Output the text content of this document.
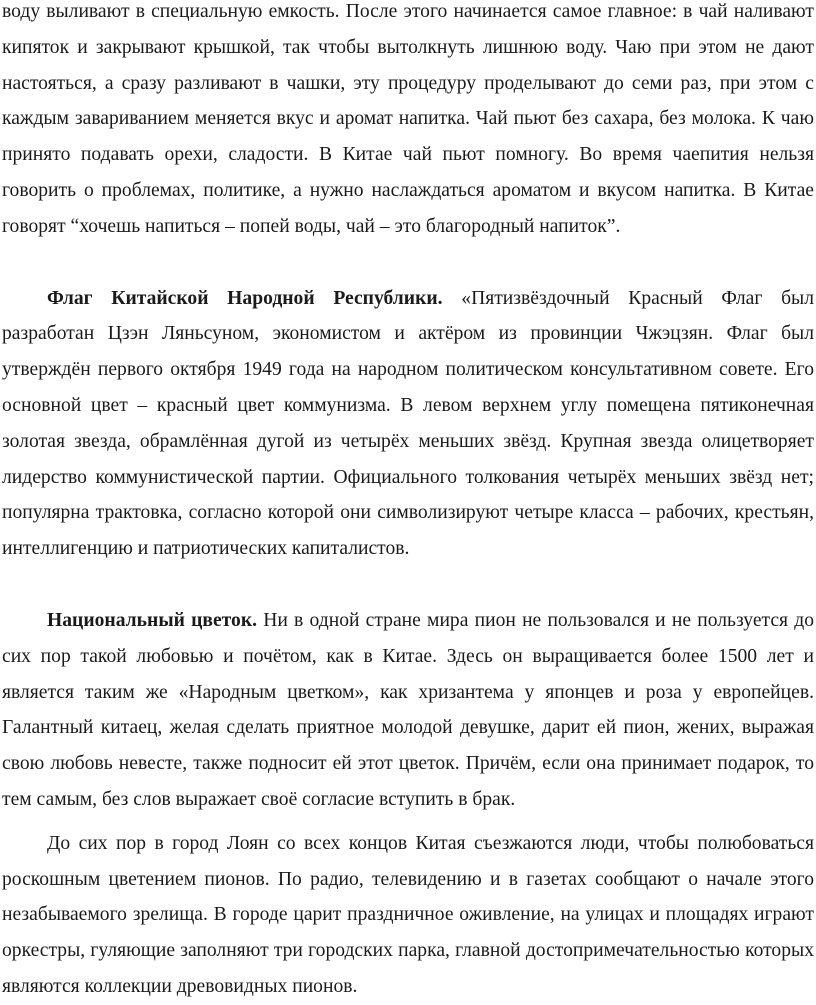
воду выливают в специальную емкость. После этого начинается самое главное: в чай наливают кипяток и закрывают крышкой, так чтобы вытолкнуть лишнюю воду. Чаю при этом не дают настояться, а сразу разливают в чашки, эту процедуру проделывают до семи раз, при этом с каждым завариванием меняется вкус и аромат напитка. Чай пьют без сахара, без молока. К чаю принято подавать орехи, сладости. В Китае чай пьют помногу. Во время чаепития нельзя говорить о проблемах, политике, а нужно наслаждаться ароматом и вкусом напитка. В Китае говорят “хочешь напиться – попей воды, чай – это благородный напиток”.

Флаг Китайской Народной Республики. «Пятизвёздочный Красный Флаг был разработан Цзэн Ляньсуном, экономистом и актёром из провинции Чжэцзян. Флаг был утверждён первого октября 1949 года на народном политическом консультативном совете. Его основной цвет – красный цвет коммунизма. В левом верхнем углу помещена пятиконечная золотая звезда, обрамлённая дугой из четырёх меньших звёзд. Крупная звезда олицетворяет лидерство коммунистической партии. Официального толкования четырёх меньших звёзд нет; популярна трактовка, согласно которой они символизируют четыре класса – рабочих, крестьян, интеллигенцию и патриотических капиталистов.

Национальный цветок. Ни в одной стране мира пион не пользовался и не пользуется до сих пор такой любовью и почётом, как в Китае. Здесь он выращивается более 1500 лет и является таким же «Народным цветком», как хризантема у японцев и роза у европейцев. Галантный китаец, желая сделать приятное молодой девушке, дарит ей пион, жених, выражая свою любовь невесте, также подносит ей этот цветок. Причём, если она принимает подарок, то тем самым, без слов выражает своё согласие вступить в брак.

До сих пор в город Лоян со всех концов Китая съезжаются люди, чтобы полюбоваться роскошным цветением пионов. По радио, телевидению и в газетах сообщают о начале этого незабываемого зрелища. В городе царит праздничное оживление, на улицах и площадях играют оркестры, гуляющие заполняют три городских парка, главной достопримечательностью которых являются коллекции древовидных пионов.
